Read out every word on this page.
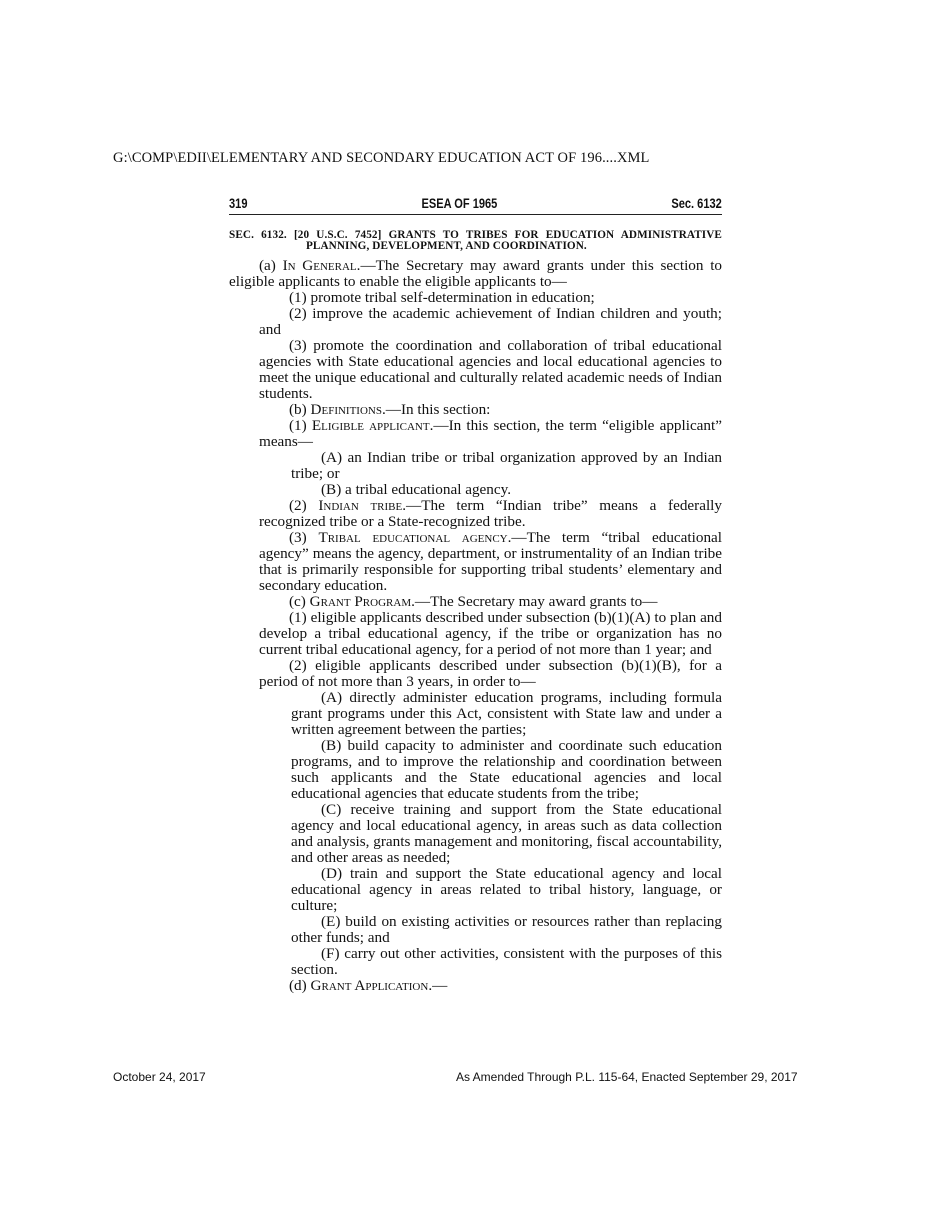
G:\COMP\EDII\ELEMENTARY AND SECONDARY EDUCATION ACT OF 196....XML
319	ESEA OF 1965	Sec. 6132
SEC. 6132. [20 U.S.C. 7452] GRANTS TO TRIBES FOR EDUCATION ADMINISTRATIVE PLANNING, DEVELOPMENT, AND COORDINATION.

(a) In General.—The Secretary may award grants under this section to eligible applicants to enable the eligible applicants to—

(1) promote tribal self-determination in education;

(2) improve the academic achievement of Indian children and youth; and

(3) promote the coordination and collaboration of tribal educational agencies with State educational agencies and local educational agencies to meet the unique educational and culturally related academic needs of Indian students.

(b) Definitions.—In this section:

(1) Eligible applicant.—In this section, the term “eligible applicant” means—

(A) an Indian tribe or tribal organization approved by an Indian tribe; or

(B) a tribal educational agency.

(2) Indian tribe.—The term “Indian tribe” means a federally recognized tribe or a State-recognized tribe.

(3) Tribal educational agency.—The term “tribal educational agency” means the agency, department, or instrumentality of an Indian tribe that is primarily responsible for supporting tribal students’ elementary and secondary education.

(c) Grant Program.—The Secretary may award grants to—

(1) eligible applicants described under subsection (b)(1)(A) to plan and develop a tribal educational agency, if the tribe or organization has no current tribal educational agency, for a period of not more than 1 year; and

(2) eligible applicants described under subsection (b)(1)(B), for a period of not more than 3 years, in order to—

(A) directly administer education programs, including formula grant programs under this Act, consistent with State law and under a written agreement between the parties;

(B) build capacity to administer and coordinate such education programs, and to improve the relationship and coordination between such applicants and the State educational agencies and local educational agencies that educate students from the tribe;

(C) receive training and support from the State educational agency and local educational agency, in areas such as data collection and analysis, grants management and monitoring, fiscal accountability, and other areas as needed;

(D) train and support the State educational agency and local educational agency in areas related to tribal history, language, or culture;

(E) build on existing activities or resources rather than replacing other funds; and

(F) carry out other activities, consistent with the purposes of this section.

(d) Grant Application.—

October 24, 2017	As Amended Through P.L. 115-64, Enacted September 29, 2017
